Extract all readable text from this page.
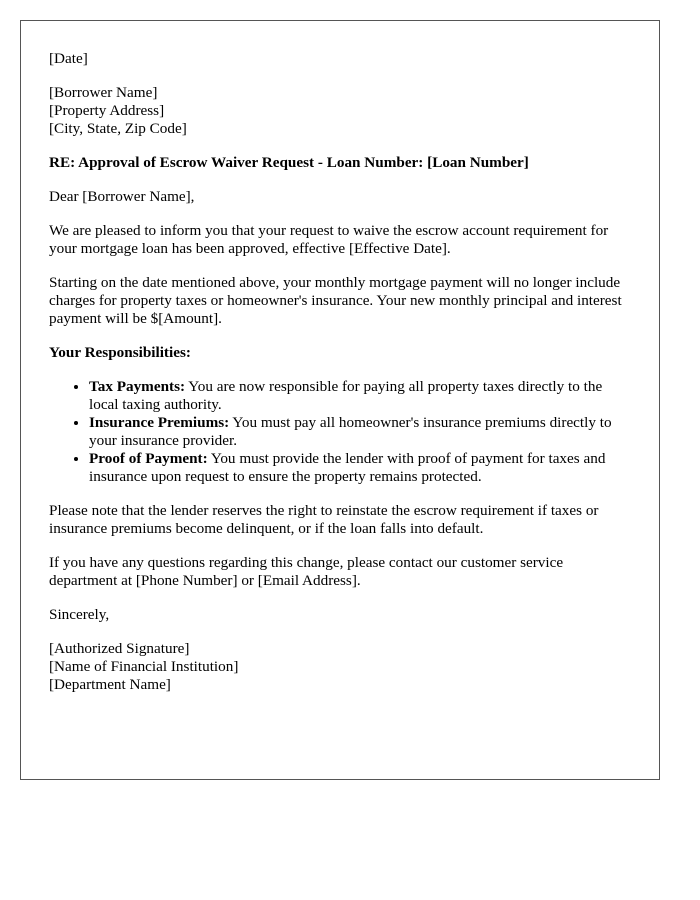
[Date]

[Borrower Name]
[Property Address]
[City, State, Zip Code]

RE: Approval of Escrow Waiver Request - Loan Number: [Loan Number]

Dear [Borrower Name],

We are pleased to inform you that your request to waive the escrow account requirement for your mortgage loan has been approved, effective [Effective Date].

Starting on the date mentioned above, your monthly mortgage payment will no longer include charges for property taxes or homeowner's insurance. Your new monthly principal and interest payment will be $[Amount].

Your Responsibilities:

• Tax Payments: You are now responsible for paying all property taxes directly to the local taxing authority.
• Insurance Premiums: You must pay all homeowner's insurance premiums directly to your insurance provider.
• Proof of Payment: You must provide the lender with proof of payment for taxes and insurance upon request to ensure the property remains protected.

Please note that the lender reserves the right to reinstate the escrow requirement if taxes or insurance premiums become delinquent, or if the loan falls into default.

If you have any questions regarding this change, please contact our customer service department at [Phone Number] or [Email Address].

Sincerely,

[Authorized Signature]
[Name of Financial Institution]
[Department Name]
